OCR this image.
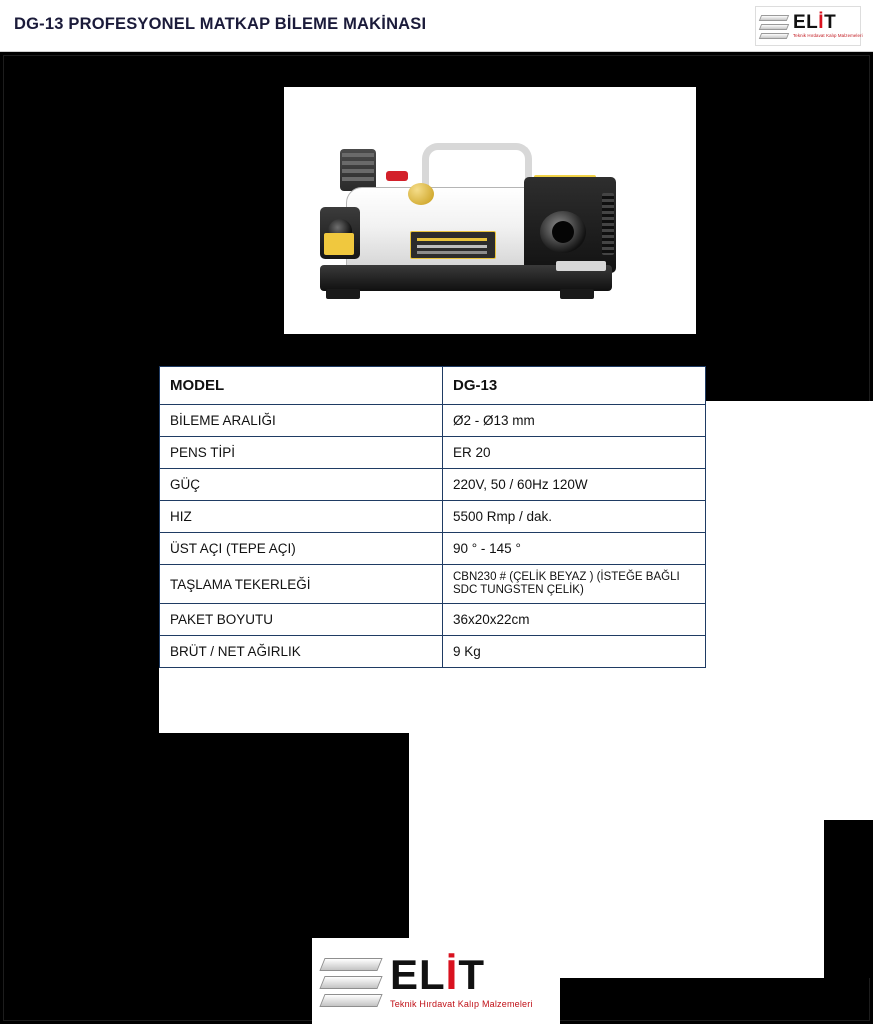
DG-13 PROFESYONEL MATKAP BİLEME MAKİNASI	ELİT
Teknik Hırdavat Kalıp Malzemeleri
MODEL	DG-13
BİLEME ARALIĞI	Ø2 - Ø13 mm
PENS TİPİ	ER 20
GÜÇ	220V, 50 / 60Hz 120W
HIZ	5500 Rmp / dak.
ÜST AÇI (TEPE AÇI)	90 ° - 145 °
TAŞLAMA TEKERLEĞİ	CBN230 # (ÇELİK BEYAZ ) (İSTEĞE BAĞLI SDC TUNGSTEN ÇELİK)
PAKET BOYUTU	36x20x22cm
BRÜT / NET AĞIRLIK	9 Kg
ELİT
Teknik Hırdavat Kalıp Malzemeleri
